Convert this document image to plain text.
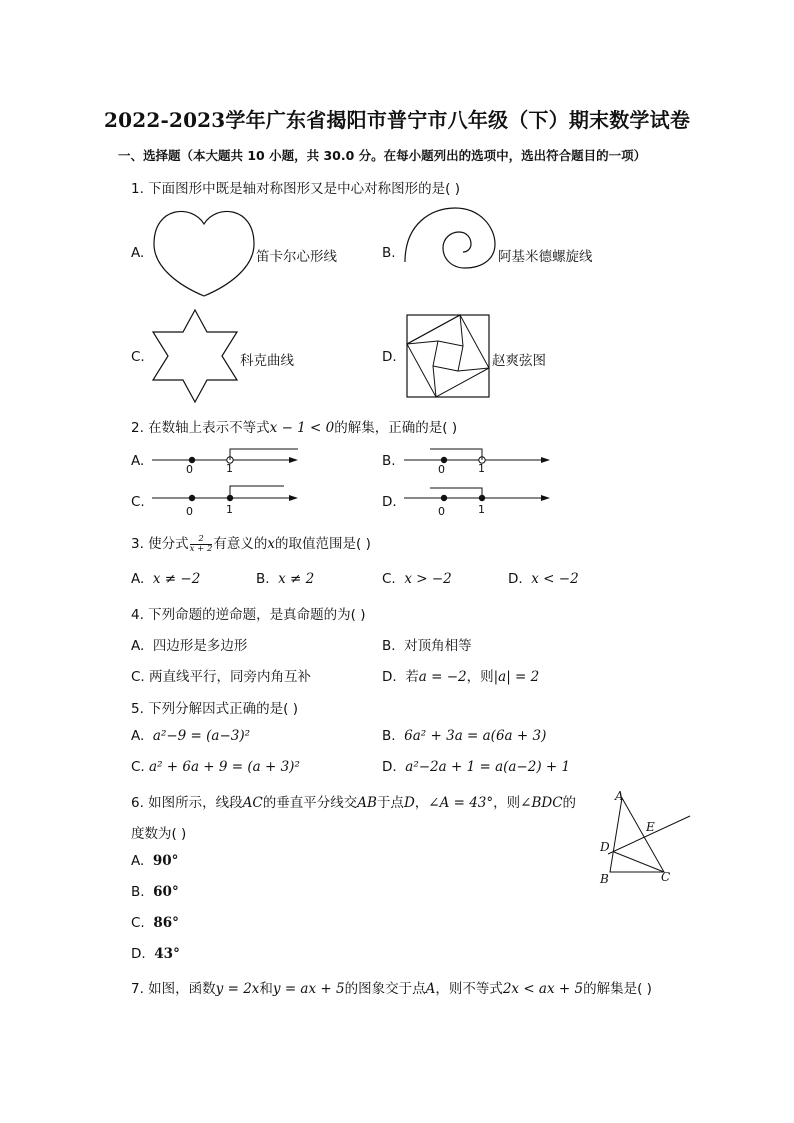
2022-2023学年广东省揭阳市普宁市八年级（下）期末数学试卷
一、选择题（本大题共 10 小题，共 30.0 分。在每小题列出的选项中，选出符合题目的一项）
1. 下面图形中既是轴对称图形又是中心对称图形的是( )
A.	笛卡尔心形线	B.	阿基米德螺旋线
C.	科克曲线	D.	赵爽弦图
2. 在数轴上表示不等式x − 1 < 0的解集，正确的是( )
A.
0	1	B.
0	1
C.
0	1	D.
0	1
3. 使分式 $\frac{2}{x + 2}$ 有意义的x的取值范围是( )
A. x ≠ −2	B. x ≠ 2	C. x > −2	D. x < −2
4. 下列命题的逆命题，是真命题的为( )
A. 四边形是多边形	B. 对顶角相等
C. 两直线平行，同旁内角互补	D. 若a = −2，则|a| = 2
5. 下列分解因式正确的是( )
A. a²−9 = (a−3)²	B. 6a² + 3a = a(6a + 3)
C. a² + 6a + 9 = (a + 3)²	D. a²−2a + 1 = a(a−2) + 1
6. 如图所示，线段AC的垂直平分线交AB于点D，∠A = 43°，则∠BDC的
度数为( )
A. 90°
B. 60°
C. 86°
D. 43°
A
E
D
B	C
7. 如图，函数y = 2x和y = ax + 5的图象交于点A，则不等式2x < ax + 5的解集是( )
